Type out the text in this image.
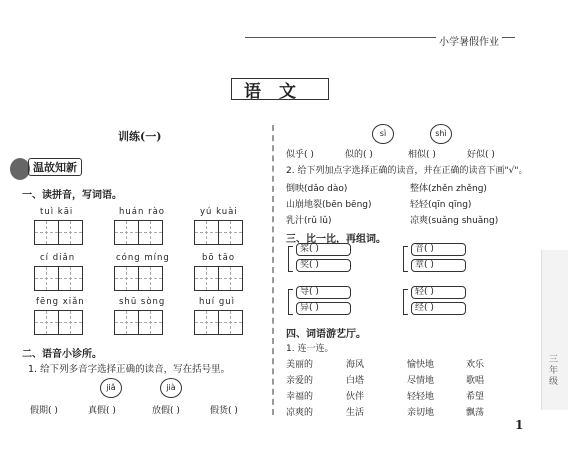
小学暑假作业
语文
训练(一)
温故知新
一、读拼音，写词语。
tuì kāi	huán rào	yú kuài
cí diǎn	cóng míng	bō tāo
fēng xiǎn	shū sòng	huí guì
二、语音小诊所。
1. 给下列多音字选择正确的读音，写在括号里。
jiǎ	jià
假期( )	真假( )	放假( )	假货( )
sì	shì
似乎( )	似的( )	相似( )	好似( )
2. 给下列加点字选择正确的读音，并在正确的读音下画"√"。
倒映(dǎo dào)	整体(zhěn zhěng)
山崩地裂(bēn bēng)	轻轻(qīn qīng)
乳汁(rǔ lǔ)	凉爽(suǎng shuǎng)
三、比一比，再组词。
桨( )
奖( )
音( )
章( )
导( )
异( )
轻( )
经( )
四、词语游艺厅。
1. 连一连。
美丽的	海风	愉快地	欢乐
亲爱的	白塔	尽情地	歌唱
幸福的	伙伴	轻轻地	希望
凉爽的	生活	亲切地	飘荡
三年级
1
